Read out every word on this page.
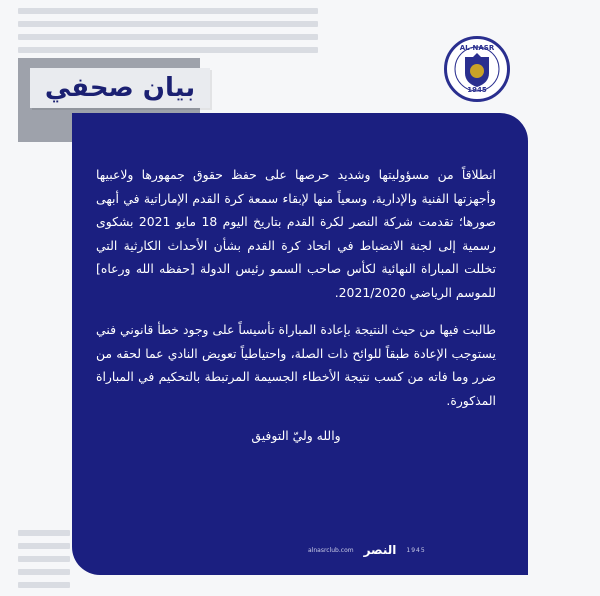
AL-NASR
1945
بيان صحفي

انطلاقاً من مسؤوليتها وشديد حرصها على حفظ حقوق جمهورها ولاعبيها وأجهزتها الفنية والإدارية، وسعياً منها لإبقاء سمعة كرة القدم الإماراتية في أبهى صورها؛ تقدمت شركة النصر لكرة القدم بتاريخ اليوم 18 مايو 2021 بشكوى رسمية إلى لجنة الانضباط في اتحاد كرة القدم بشأن الأحداث الكارثية التي تخللت المباراة النهائية لكأس صاحب السمو رئيس الدولة [حفظه الله ورعاه] للموسم الرياضي 2021/2020.

طالبت فيها من حيث النتيجة بإعادة المباراة تأسيساً على وجود خطأ قانوني فني يستوجب الإعادة طبقاً للوائح ذات الصلة، واحتياطياً تعويض النادي عما لحقه من ضرر وما فاته من كسب نتيجة الأخطاء الجسيمة المرتبطة بالتحكيم في المباراة المذكورة.

والله وليّ التوفيق
alnasrclub.com النصر 1945
